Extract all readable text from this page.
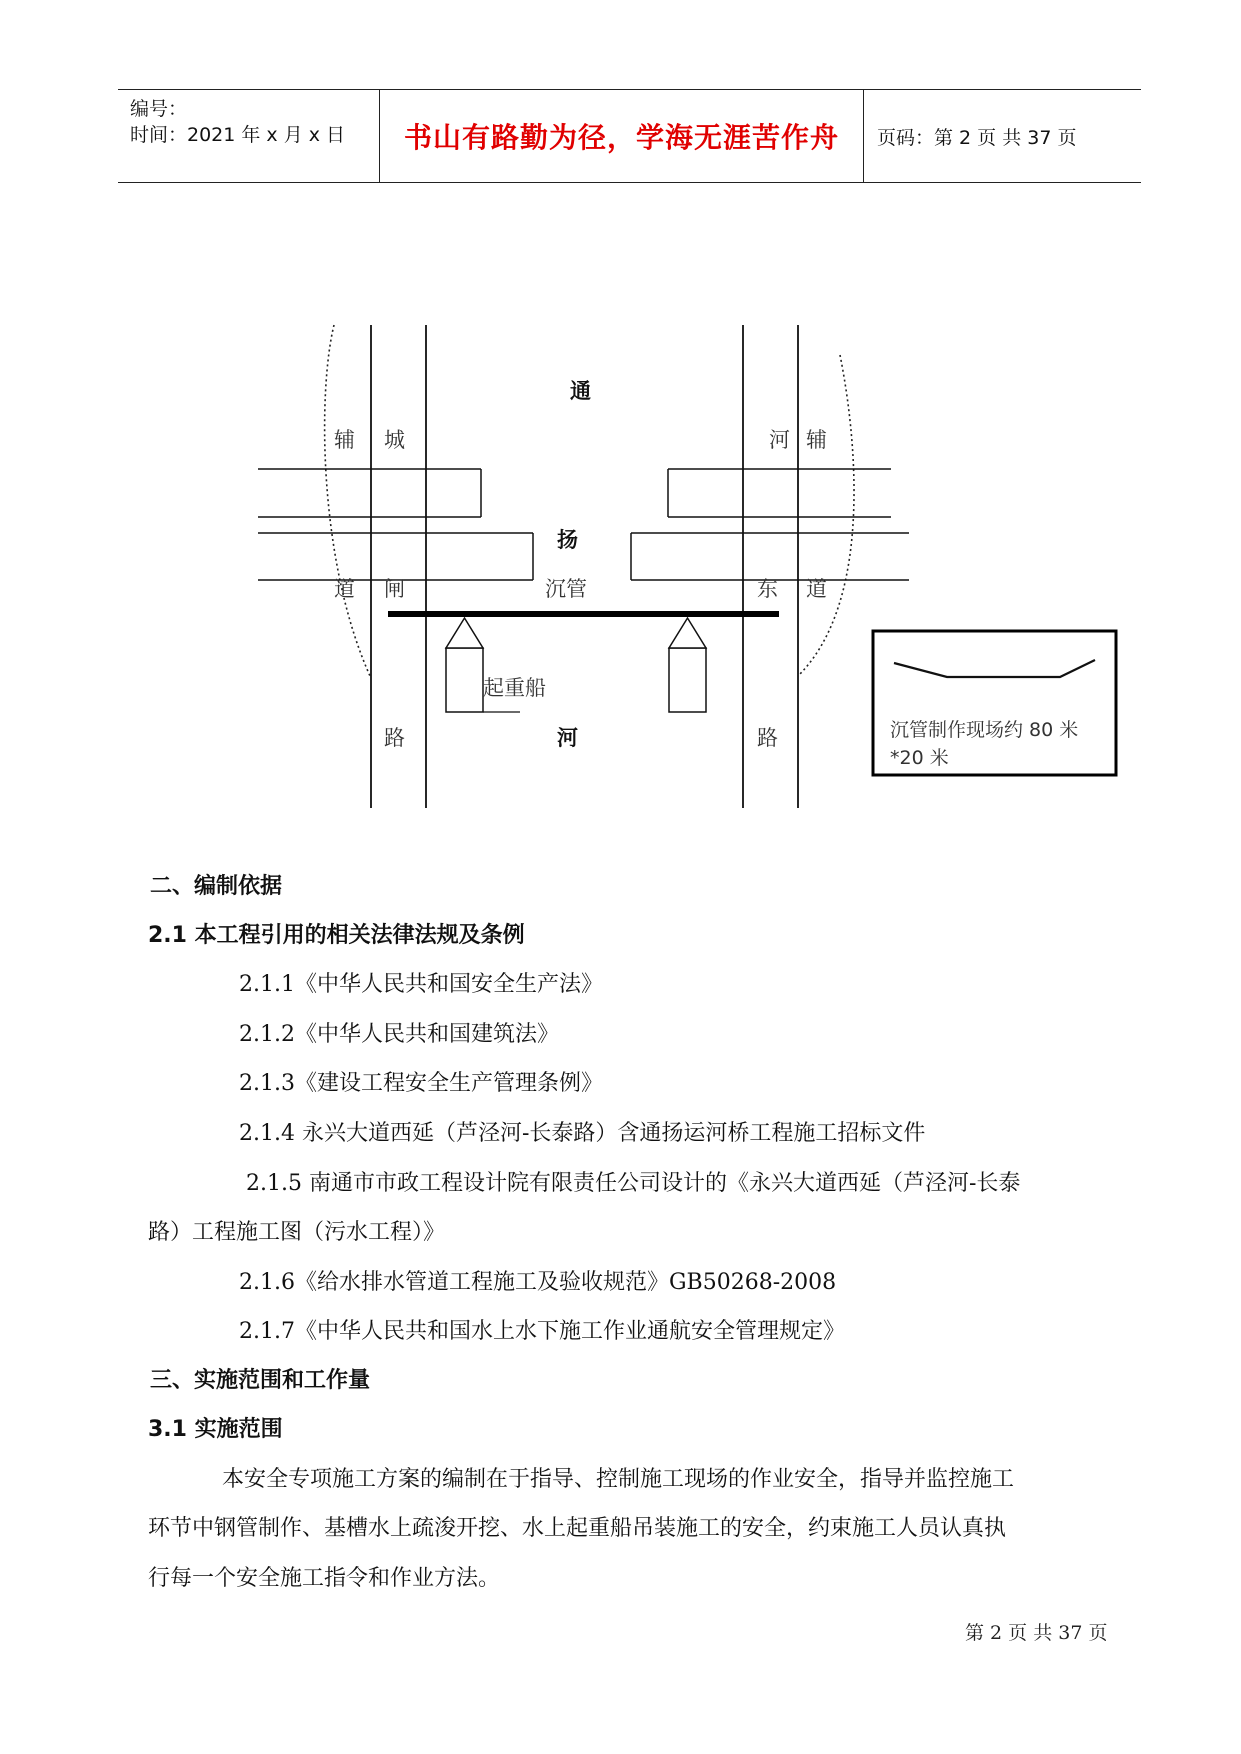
编号：
时间：2021 年 x 月 x 日 书山有路勤为径，学海无涯苦作舟 页码：第 2 页 共 37 页
通
扬
河
辅
道
城
闸
路
河 辅
东 道
路
沉管
起重船
沉管制作现场约 80 米
*20 米
二、编制依据
2.1 本工程引用的相关法律法规及条例
2.1.1《中华人民共和国安全生产法》
2.1.2《中华人民共和国建筑法》
2.1.3《建设工程安全生产管理条例》
2.1.4 永兴大道西延（芦泾河-长泰路）含通扬运河桥工程施工招标文件
2.1.5 南通市市政工程设计院有限责任公司设计的《永兴大道西延（芦泾河-长泰
路）工程施工图（污水工程）》
2.1.6《给水排水管道工程施工及验收规范》GB50268-2008
2.1.7《中华人民共和国水上水下施工作业通航安全管理规定》
三、实施范围和工作量
3.1 实施范围
本安全专项施工方案的编制在于指导、控制施工现场的作业安全，指导并监控施工
环节中钢管制作、基槽水上疏浚开挖、水上起重船吊装施工的安全，约束施工人员认真执
行每一个安全施工指令和作业方法。
第 2 页 共 37 页
